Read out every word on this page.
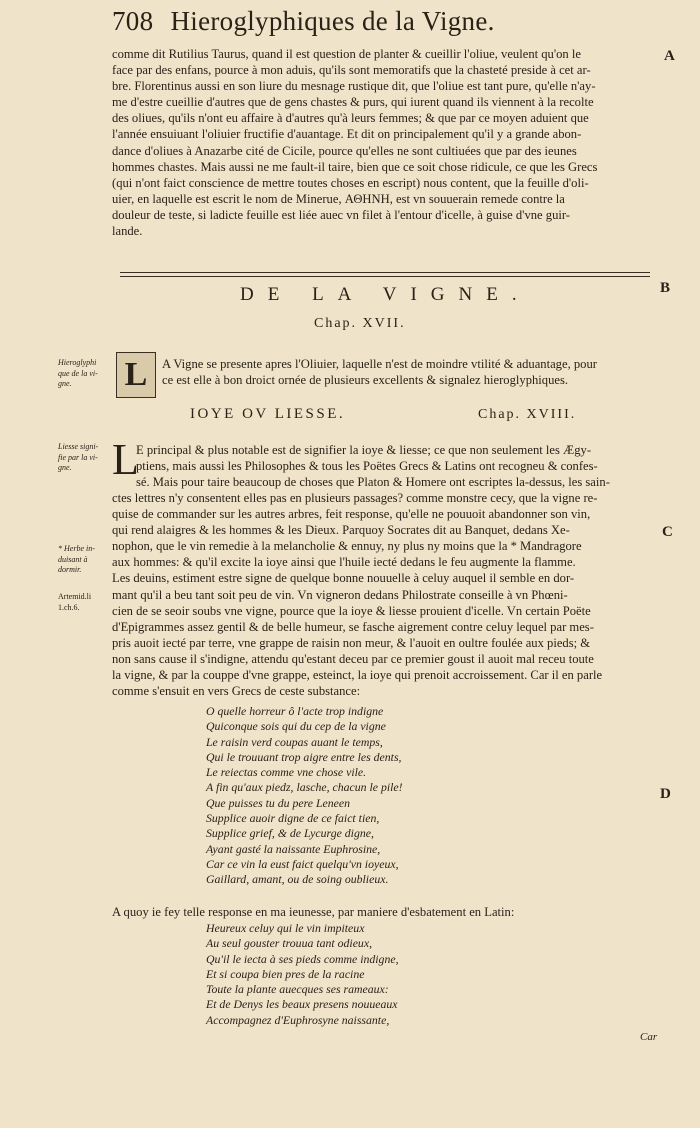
708 Hieroglyphiques de la Vigne.
A
B
C
D
comme dit Rutilius Taurus, quand il est question de planter & cueillir l'oliue, veulent qu'on le
face par des enfans, pource à mon aduis, qu'ils sont memoratifs que la chasteté preside à cet ar-
bre. Florentinus aussi en son liure du mesnage rustique dit, que l'oliue est tant pure, qu'elle n'ay-
me d'estre cueillie d'autres que de gens chastes & purs, qui iurent quand ils viennent à la recolte
des oliues, qu'ils n'ont eu affaire à d'autres qu'à leurs femmes; & que par ce moyen aduient que
l'année ensuiuant l'oliuier fructifie d'auantage. Et dit on principalement qu'il y a grande abon-
dance d'oliues à Anazarbe cité de Cicile, pource qu'elles ne sont cultiuées que par des ieunes
hommes chastes. Mais aussi ne me fault-il taire, bien que ce soit chose ridicule, ce que les Grecs
(qui n'ont faict conscience de mettre toutes choses en escript) nous content, que la feuille d'oli-
uier, en laquelle est escrit le nom de Minerue, ΑΘΗΝΗ, est vn souuerain remede contre la
douleur de teste, si ladicte feuille est liée auec vn filet à l'entour d'icelle, à guise d'vne guir-
lande.
DE LA VIGNE.
Chap. XVII.
Hieroglyphi
que de la vi-
gne.	L	A Vigne se presente apres l'Oliuier, laquelle n'est de moindre vtilité & aduantage, pour
ce est elle à bon droict ornée de plusieurs excellents & signalez hieroglyphiques.
IOYE OV LIESSE.	Chap. XVIII.
Liesse signi-
fie par la vi-
gne.
* Herbe in-
duisant à
dormir.
Artemid.li
1.ch.6.
L
E principal & plus notable est de signifier la ioye & liesse; ce que non seulement les Ægy-
ptiens, mais aussi les Philosophes & tous les Poëtes Grecs & Latins ont recogneu & confes-
sé. Mais pour taire beaucoup de choses que Platon & Homere ont escriptes la-dessus, les sain-
ctes lettres n'y consentent elles pas en plusieurs passages? comme monstre cecy, que la vigne re-
quise de commander sur les autres arbres, feit response, qu'elle ne pouuoit abandonner son vin,
qui rend alaigres & les hommes & les Dieux. Parquoy Socrates dit au Banquet, dedans Xe-
nophon, que le vin remedie à la melancholie & ennuy, ny plus ny moins que la * Mandragore
aux hommes: & qu'il excite la ioye ainsi que l'huile iecté dedans le feu augmente la flamme.
Les deuins, estiment estre signe de quelque bonne nouuelle à celuy auquel il semble en dor-
mant qu'il a beu tant soit peu de vin. Vn vigneron dedans Philostrate conseille à vn Phœni-
cien de se seoir soubs vne vigne, pource que la ioye & liesse prouient d'icelle. Vn certain Poëte
d'Epigrammes assez gentil & de belle humeur, se fasche aigrement contre celuy lequel par mes-
pris auoit iecté par terre, vne grappe de raisin non meur, & l'auoit en oultre foulée aux pieds; &
non sans cause il s'indigne, attendu qu'estant deceu par ce premier goust il auoit mal receu toute
la vigne, & par la couppe d'vne grappe, esteinct, la ioye qui prenoit accroissement. Car il en parle
comme s'ensuit en vers Grecs de ceste substance:
O quelle horreur ô l'acte trop indigne
Quiconque sois qui du cep de la vigne
Le raisin verd coupas auant le temps,
Qui le trouuant trop aigre entre les dents,
Le reiectas comme vne chose vile.
A fin qu'aux piedz, lasche, chacun le pile!
Que puisses tu du pere Leneen
Supplice auoir digne de ce faict tien,
Supplice grief, & de Lycurge digne,
Ayant gasté la naissante Euphrosine,
Car ce vin la eust faict quelqu'vn ioyeux,
Gaillard, amant, ou de soing oublieux.
A quoy ie fey telle response en ma ieunesse, par maniere d'esbatement en Latin:
Heureux celuy qui le vin impiteux
Au seul gouster trouua tant odieux,
Qu'il le iecta à ses pieds comme indigne,
Et si coupa bien pres de la racine
Toute la plante auecques ses rameaux:
Et de Denys les beaux presens nouueaux
Accompagnez d'Euphrosyne naissante,
Car
